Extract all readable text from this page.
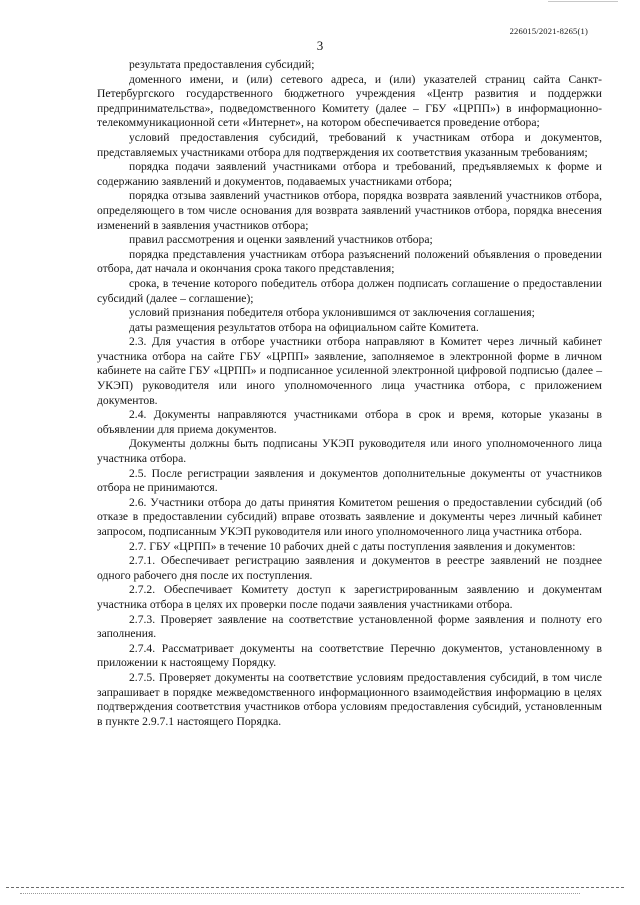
226015/2021-8265(1)
3

результата предоставления субсидий;

доменного имени, и (или) сетевого адреса, и (или) указателей страниц сайта Санкт-Петербургского государственного бюджетного учреждения «Центр развития и поддержки предпринимательства», подведомственного Комитету (далее – ГБУ «ЦРПП») в информационно-телекоммуникационной сети «Интернет», на котором обеспечивается проведение отбора;

условий предоставления субсидий, требований к участникам отбора и документов, представляемых участниками отбора для подтверждения их соответствия указанным требованиям;

порядка подачи заявлений участниками отбора и требований, предъявляемых к форме и содержанию заявлений и документов, подаваемых участниками отбора;

порядка отзыва заявлений участников отбора, порядка возврата заявлений участников отбора, определяющего в том числе основания для возврата заявлений участников отбора, порядка внесения изменений в заявления участников отбора;

правил рассмотрения и оценки заявлений участников отбора;

порядка представления участникам отбора разъяснений положений объявления о проведении отбора, дат начала и окончания срока такого представления;

срока, в течение которого победитель отбора должен подписать соглашение о предоставлении субсидий (далее – соглашение);

условий признания победителя отбора уклонившимся от заключения соглашения;

даты размещения результатов отбора на официальном сайте Комитета.

2.3. Для участия в отборе участники отбора направляют в Комитет через личный кабинет участника отбора на сайте ГБУ «ЦРПП» заявление, заполняемое в электронной форме в личном кабинете на сайте ГБУ «ЦРПП» и подписанное усиленной электронной цифровой подписью (далее – УКЭП) руководителя или иного уполномоченного лица участника отбора, с приложением документов.

2.4. Документы направляются участниками отбора в срок и время, которые указаны в объявлении для приема документов.

Документы должны быть подписаны УКЭП руководителя или иного уполномоченного лица участника отбора.

2.5. После регистрации заявления и документов дополнительные документы от участников отбора не принимаются.

2.6. Участники отбора до даты принятия Комитетом решения о предоставлении субсидий (об отказе в предоставлении субсидий) вправе отозвать заявление и документы через личный кабинет запросом, подписанным УКЭП руководителя или иного уполномоченного лица участника отбора.

2.7. ГБУ «ЦРПП» в течение 10 рабочих дней с даты поступления заявления и документов:

2.7.1. Обеспечивает регистрацию заявления и документов в реестре заявлений не позднее одного рабочего дня после их поступления.

2.7.2. Обеспечивает Комитету доступ к зарегистрированным заявлению и документам участника отбора в целях их проверки после подачи заявления участниками отбора.

2.7.3. Проверяет заявление на соответствие установленной форме заявления и полноту его заполнения.

2.7.4. Рассматривает документы на соответствие Перечню документов, установленному в приложении к настоящему Порядку.

2.7.5. Проверяет документы на соответствие условиям предоставления субсидий, в том числе запрашивает в порядке межведомственного информационного взаимодействия информацию в целях подтверждения соответствия участников отбора условиям предоставления субсидий, установленным в пункте 2.9.7.1 настоящего Порядка.
